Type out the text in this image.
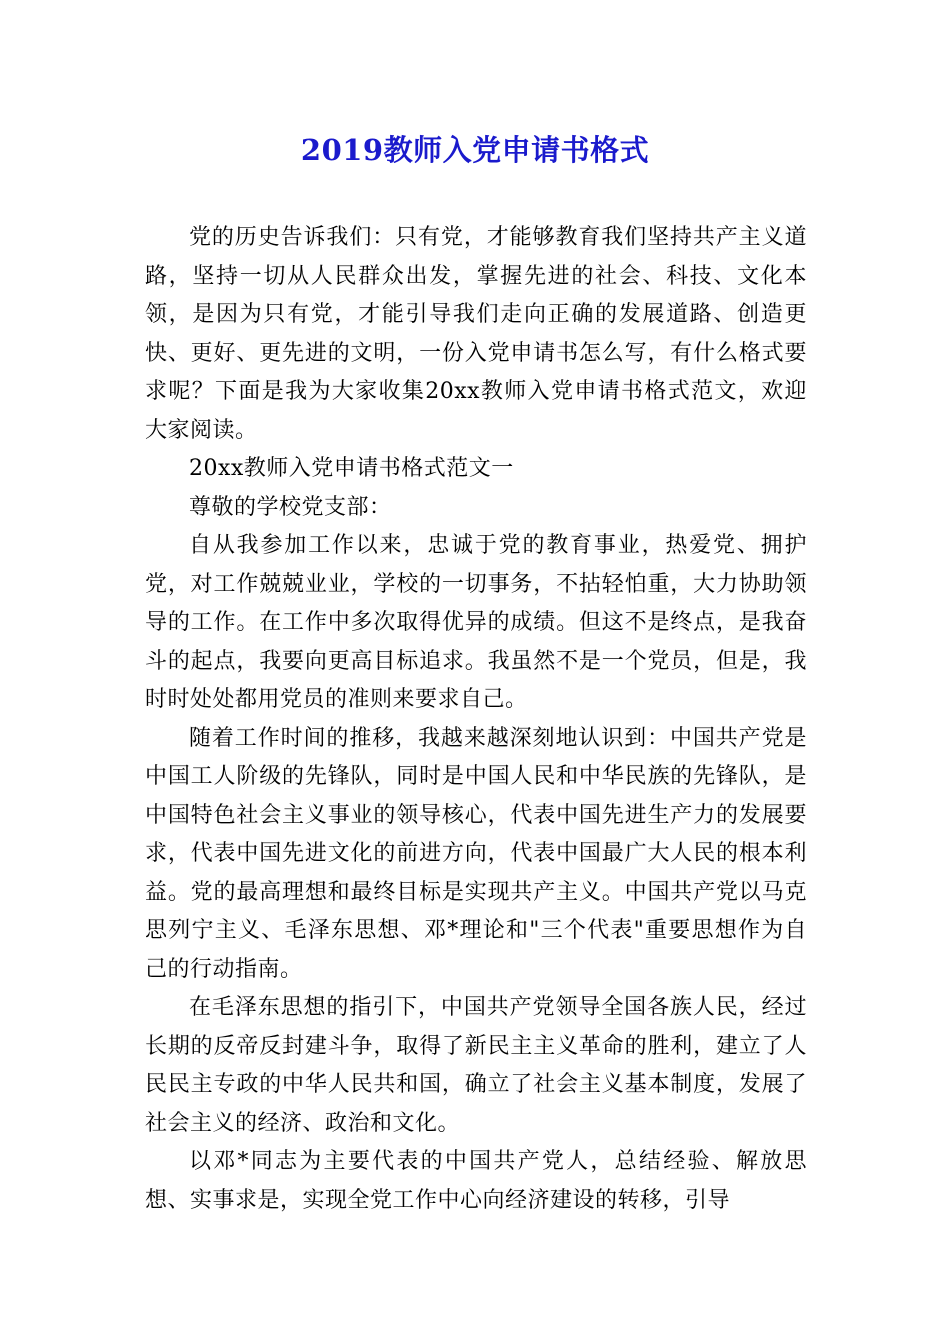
2019教师入党申请书格式

党的历史告诉我们：只有党，才能够教育我们坚持共产主义道路，坚持一切从人民群众出发，掌握先进的社会、科技、文化本领，是因为只有党，才能引导我们走向正确的发展道路、创造更快、更好、更先进的文明，一份入党申请书怎么写，有什么格式要求呢？下面是我为大家收集20xx教师入党申请书格式范文，欢迎大家阅读。

20xx教师入党申请书格式范文一

尊敬的学校党支部：

自从我参加工作以来，忠诚于党的教育事业，热爱党、拥护党，对工作兢兢业业，学校的一切事务，不拈轻怕重，大力协助领导的工作。在工作中多次取得优异的成绩。但这不是终点，是我奋斗的起点，我要向更高目标追求。我虽然不是一个党员，但是，我时时处处都用党员的准则来要求自己。

随着工作时间的推移，我越来越深刻地认识到：中国共产党是中国工人阶级的先锋队，同时是中国人民和中华民族的先锋队，是中国特色社会主义事业的领导核心，代表中国先进生产力的发展要求，代表中国先进文化的前进方向，代表中国最广大人民的根本利益。党的最高理想和最终目标是实现共产主义。中国共产党以马克思列宁主义、毛泽东思想、邓*理论和"三个代表"重要思想作为自己的行动指南。

在毛泽东思想的指引下，中国共产党领导全国各族人民，经过长期的反帝反封建斗争，取得了新民主主义革命的胜利，建立了人民民主专政的中华人民共和国，确立了社会主义基本制度，发展了社会主义的经济、政治和文化。

以邓*同志为主要代表的中国共产党人，总结经验、解放思想、实事求是，实现全党工作中心向经济建设的转移，引导
